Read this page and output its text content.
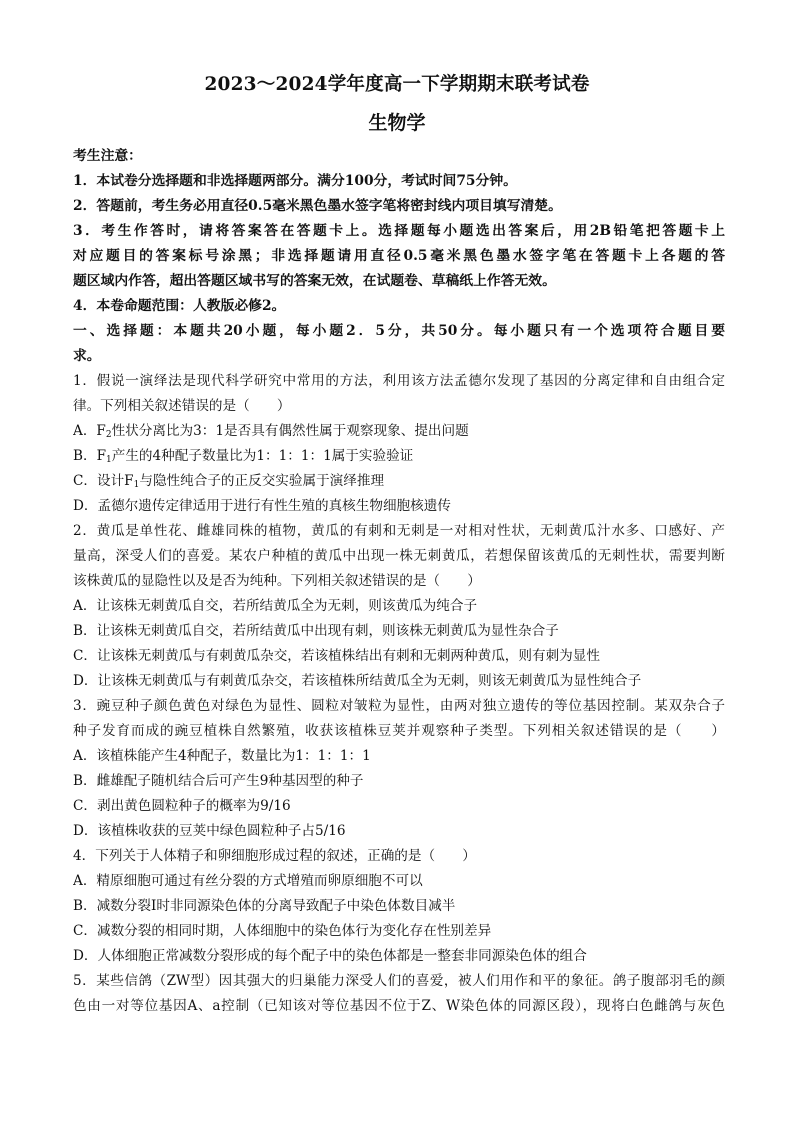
2023～2024学年度高一下学期期末联考试卷
生物学
考生注意：
1．本试卷分选择题和非选择题两部分。满分100分，考试时间75分钟。
2．答题前，考生务必用直径0.5毫米黑色墨水签字笔将密封线内项目填写清楚。
3．考生作答时，请将答案答在答题卡上。选择题每小题选出答案后，用2B铅笔把答题卡上
对应题目的答案标号涂黑；非选择题请用直径0.5毫米黑色墨水签字笔在答题卡上各题的答
题区域内作答，超出答题区域书写的答案无效，在试题卷、草稿纸上作答无效。
4．本卷命题范围：人教版必修2。
一、选择题：本题共20小题，每小题2．5分，共50分。每小题只有一个选项符合题目要
求。
1．假说一演绎法是现代科学研究中常用的方法，利用该方法孟德尔发现了基因的分离定律和自由组合定
律。下列相关叙述错误的是（　　）
A．$F_2$性状分离比为3：1是否具有偶然性属于观察现象、提出问题
B．$F_1$产生的4种配子数量比为1：1：1：1属于实验验证
C．设计$F_1$与隐性纯合子的正反交实验属于演绎推理
D．孟德尔遗传定律适用于进行有性生殖的真核生物细胞核遗传
2．黄瓜是单性花、雌雄同株的植物，黄瓜的有刺和无刺是一对相对性状，无刺黄瓜汁水多、口感好、产
量高，深受人们的喜爱。某农户种植的黄瓜中出现一株无刺黄瓜，若想保留该黄瓜的无刺性状，需要判断
该株黄瓜的显隐性以及是否为纯种。下列相关叙述错误的是（　　）
A．让该株无刺黄瓜自交，若所结黄瓜全为无刺，则该黄瓜为纯合子
B．让该株无刺黄瓜自交，若所结黄瓜中出现有刺，则该株无刺黄瓜为显性杂合子
C．让该株无刺黄瓜与有刺黄瓜杂交，若该植株结出有刺和无刺两种黄瓜，则有刺为显性
D．让该株无刺黄瓜与有刺黄瓜杂交，若该植株所结黄瓜全为无刺，则该无刺黄瓜为显性纯合子
3．豌豆种子颜色黄色对绿色为显性、圆粒对皱粒为显性，由两对独立遗传的等位基因控制。某双杂合子
种子发育而成的豌豆植株自然繁殖，收获该植株豆荚并观察种子类型。下列相关叙述错误的是（　　）
A．该植株能产生4种配子，数量比为1：1：1：1
B．雌雄配子随机结合后可产生9种基因型的种子
C．剥出黄色圆粒种子的概率为9/16
D．该植株收获的豆荚中绿色圆粒种子占5/16
4．下列关于人体精子和卵细胞形成过程的叙述，正确的是（　　）
A．精原细胞可通过有丝分裂的方式增殖而卵原细胞不可以
B．减数分裂Ⅰ时非同源染色体的分离导致配子中染色体数目减半
C．减数分裂的相同时期，人体细胞中的染色体行为变化存在性别差异
D．人体细胞正常减数分裂形成的每个配子中的染色体都是一整套非同源染色体的组合
5．某些信鸽（ZW型）因其强大的归巢能力深受人们的喜爱，被人们用作和平的象征。鸽子腹部羽毛的颜
色由一对等位基因A、a控制（已知该对等位基因不位于Z、W染色体的同源区段），现将白色雌鸽与灰色
